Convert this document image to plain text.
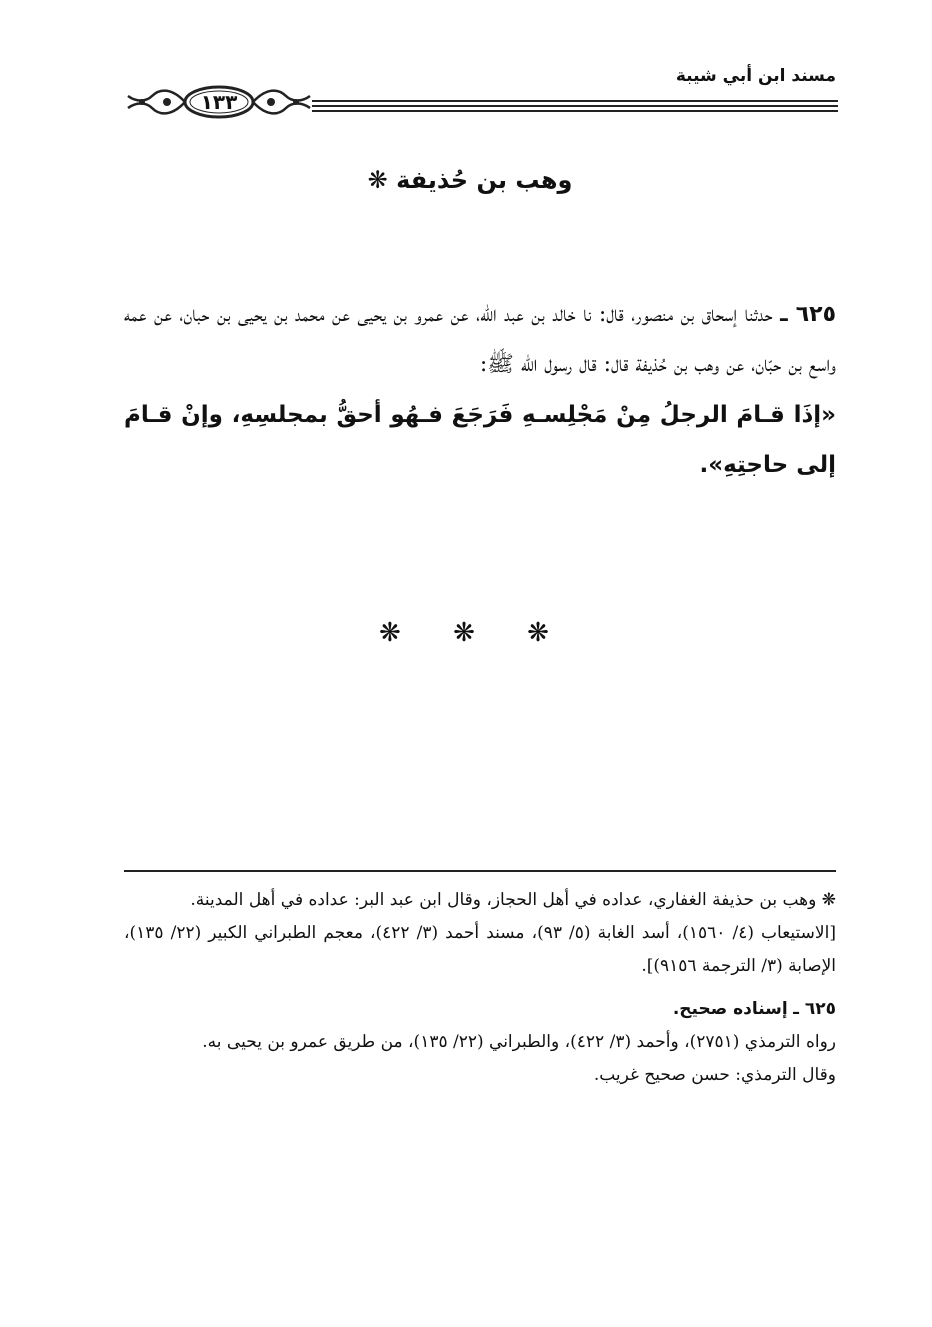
مسند ابن أبي شيبة

١٣٣

وهب بن حُذيفة ❋

٦٢٥ ـ حدثنا إسحاق بن منصور، قال: نا خالد بن عبد الله، عن عمرو بن يحيى عن محمد بن يحيى بن حبان، عن عمه واسع بن حبّان، عن وهب بن حُذيفة قال: قال رسول الله ﷺ:

«إذَا قـامَ الرجلُ مِنْ مَجْلِسـهِ فَرَجَعَ فـهُو أحقُّ بمجلسِهِ، وإنْ قـامَ إلى حاجتِهِ».

❋ ❋ ❋

❋ وهب بن حذيفة الغفاري، عداده في أهل الحجاز، وقال ابن عبد البر: عداده في أهل المدينة.

[الاستيعاب (٤/ ١٥٦٠)، أسد الغابة (٥/ ٩٣)، مسند أحمد (٣/ ٤٢٢)، معجم الطبراني الكبير (٢٢/ ١٣٥)، الإصابة (٣/ الترجمة ٩١٥٦)].

٦٢٥ ـ إسناده صحيح.

رواه الترمذي (٢٧٥١)، وأحمد (٣/ ٤٢٢)، والطبراني (٢٢/ ١٣٥)، من طريق عمرو بن يحيى به.

وقال الترمذي: حسن صحيح غريب.
